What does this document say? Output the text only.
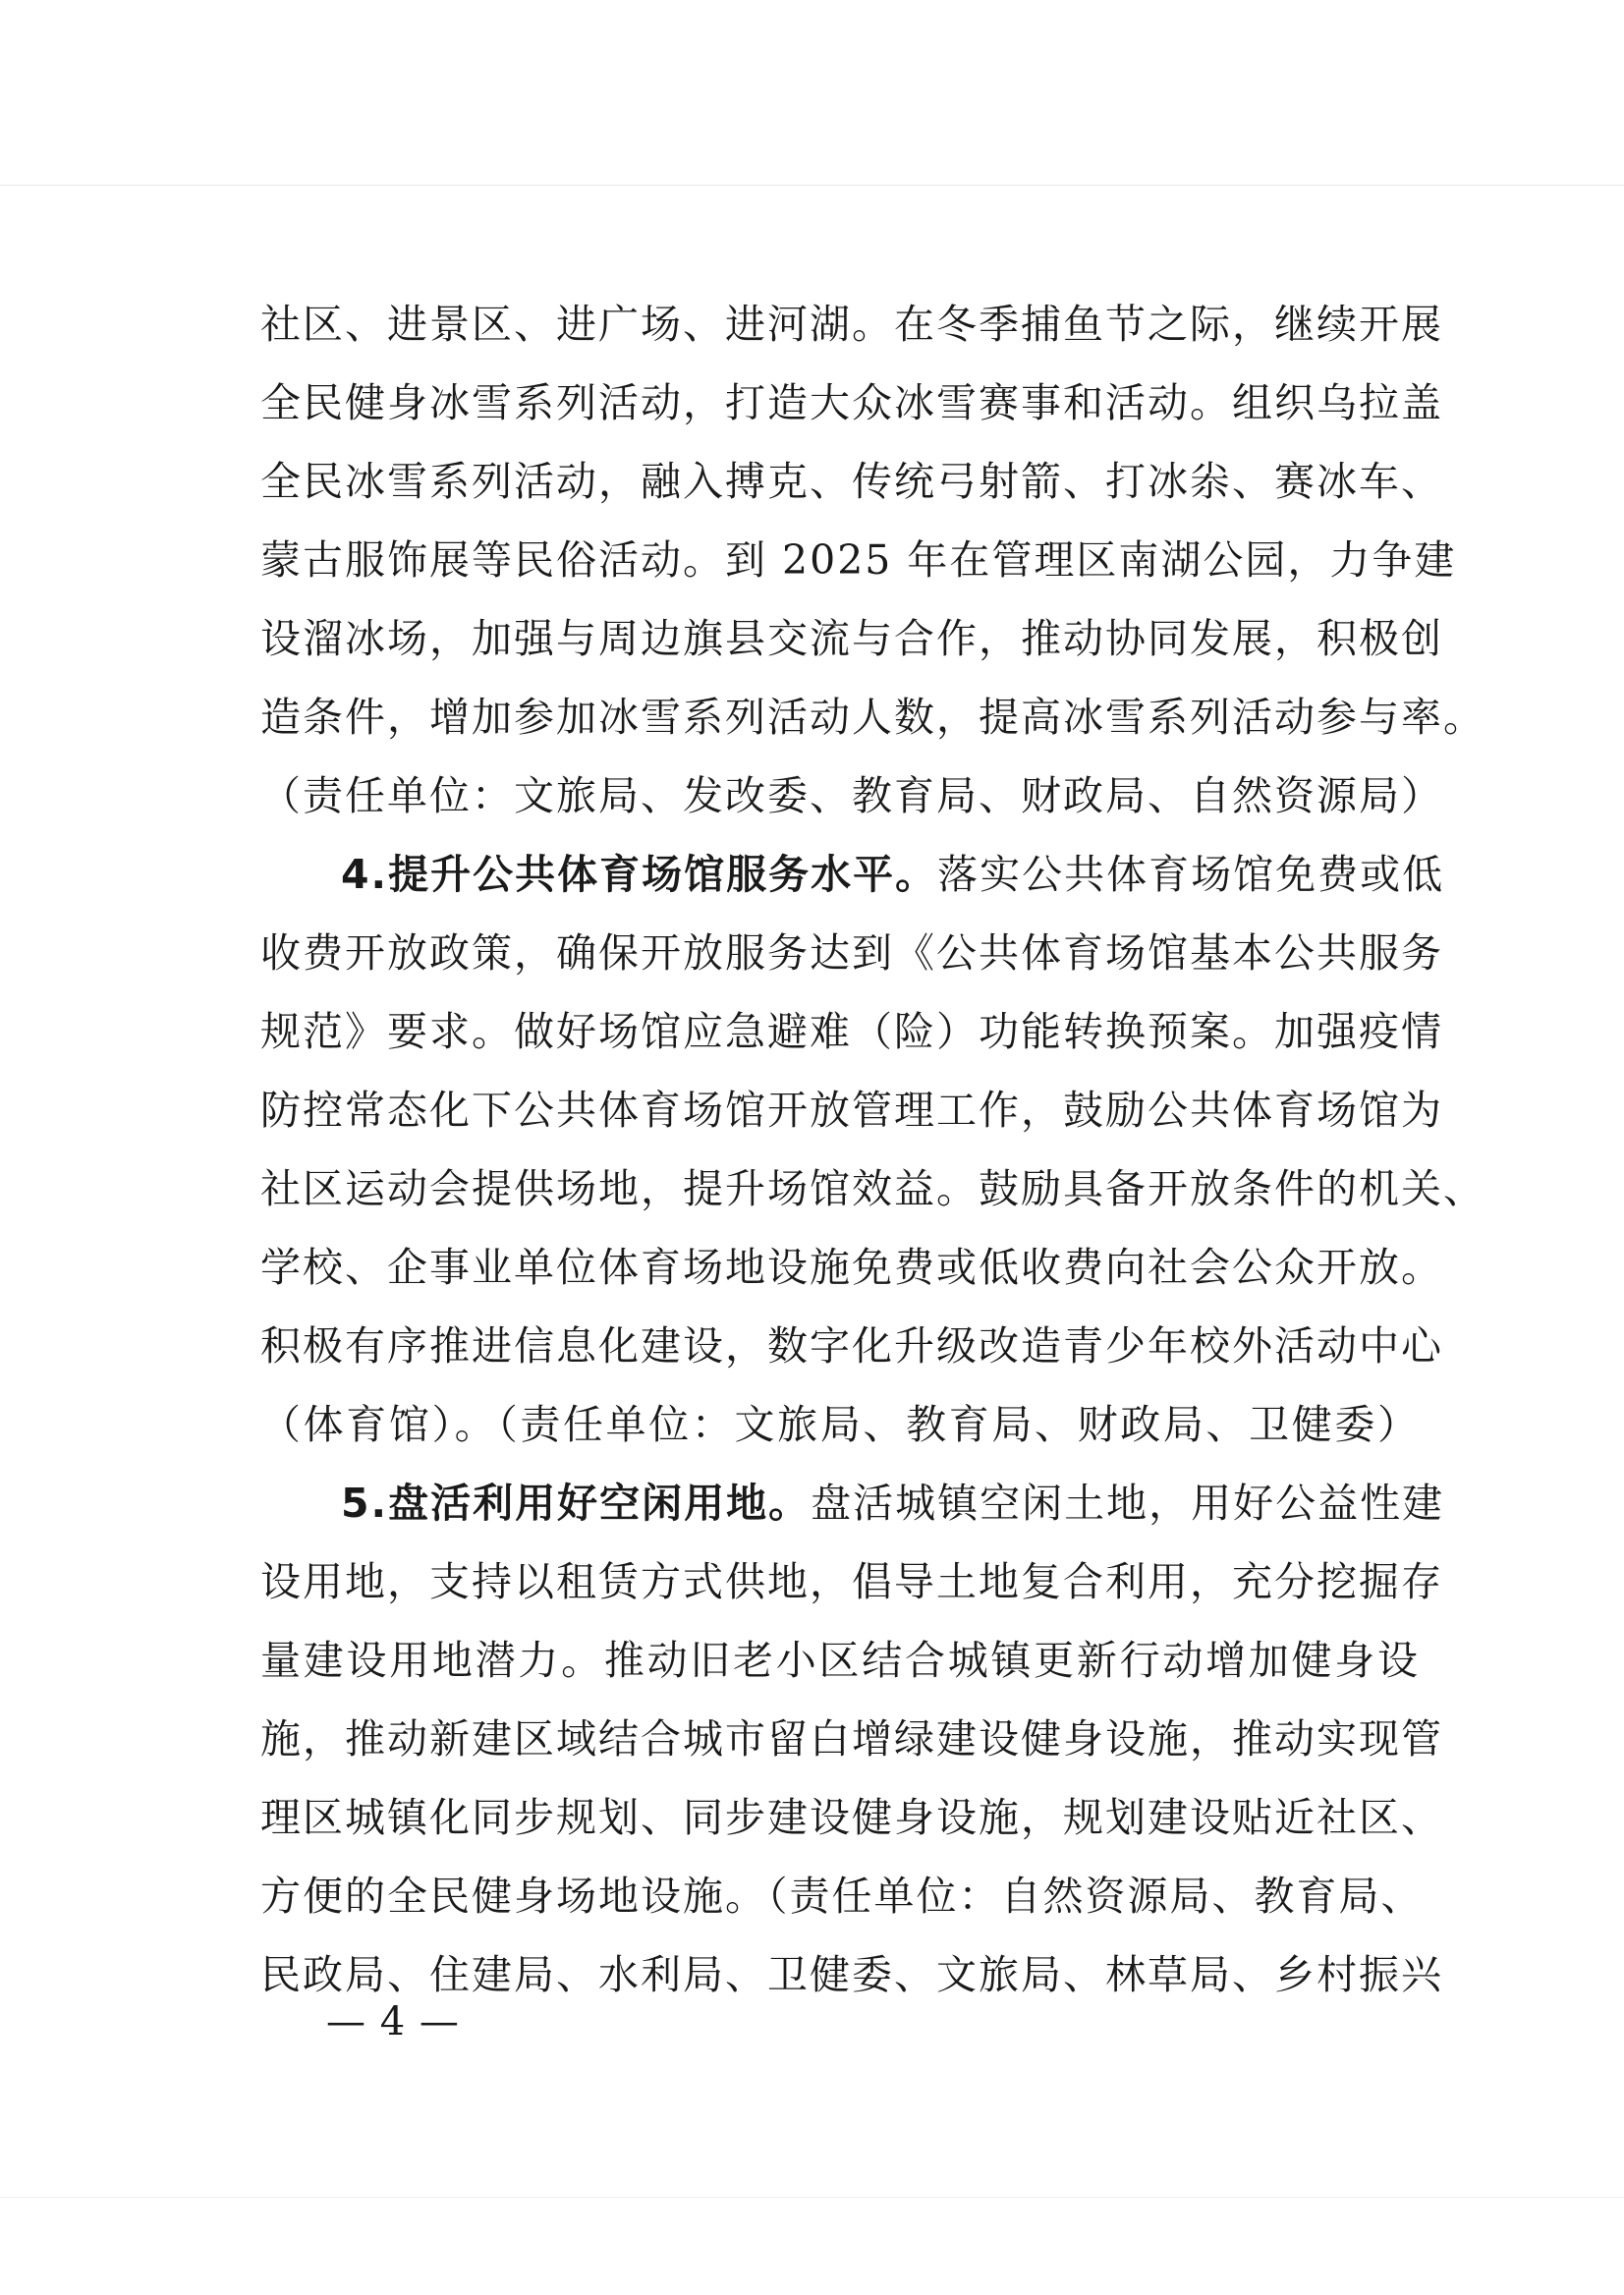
社区、进景区、进广场、进河湖。在冬季捕鱼节之际，继续开展
全民健身冰雪系列活动，打造大众冰雪赛事和活动。组织乌拉盖
全民冰雪系列活动，融入搏克、传统弓射箭、打冰尜、赛冰车、
蒙古服饰展等民俗活动。到 2025 年在管理区南湖公园，力争建
设溜冰场，加强与周边旗县交流与合作，推动协同发展，积极创
造条件，增加参加冰雪系列活动人数，提高冰雪系列活动参与率。
（责任单位：文旅局、发改委、教育局、财政局、自然资源局）
4.提升公共体育场馆服务水平。落实公共体育场馆免费或低
收费开放政策，确保开放服务达到《公共体育场馆基本公共服务
规范》要求。做好场馆应急避难（险）功能转换预案。加强疫情
防控常态化下公共体育场馆开放管理工作，鼓励公共体育场馆为
社区运动会提供场地，提升场馆效益。鼓励具备开放条件的机关、
学校、企事业单位体育场地设施免费或低收费向社会公众开放。
积极有序推进信息化建设，数字化升级改造青少年校外活动中心
（体育馆）。（责任单位：文旅局、教育局、财政局、卫健委）
5.盘活利用好空闲用地。盘活城镇空闲土地，用好公益性建
设用地，支持以租赁方式供地，倡导土地复合利用，充分挖掘存
量建设用地潜力。推动旧老小区结合城镇更新行动增加健身设
施，推动新建区域结合城市留白增绿建设健身设施，推动实现管
理区城镇化同步规划、同步建设健身设施，规划建设贴近社区、
方便的全民健身场地设施。（责任单位：自然资源局、教育局、
民政局、住建局、水利局、卫健委、文旅局、林草局、乡村振兴
— 4 —
